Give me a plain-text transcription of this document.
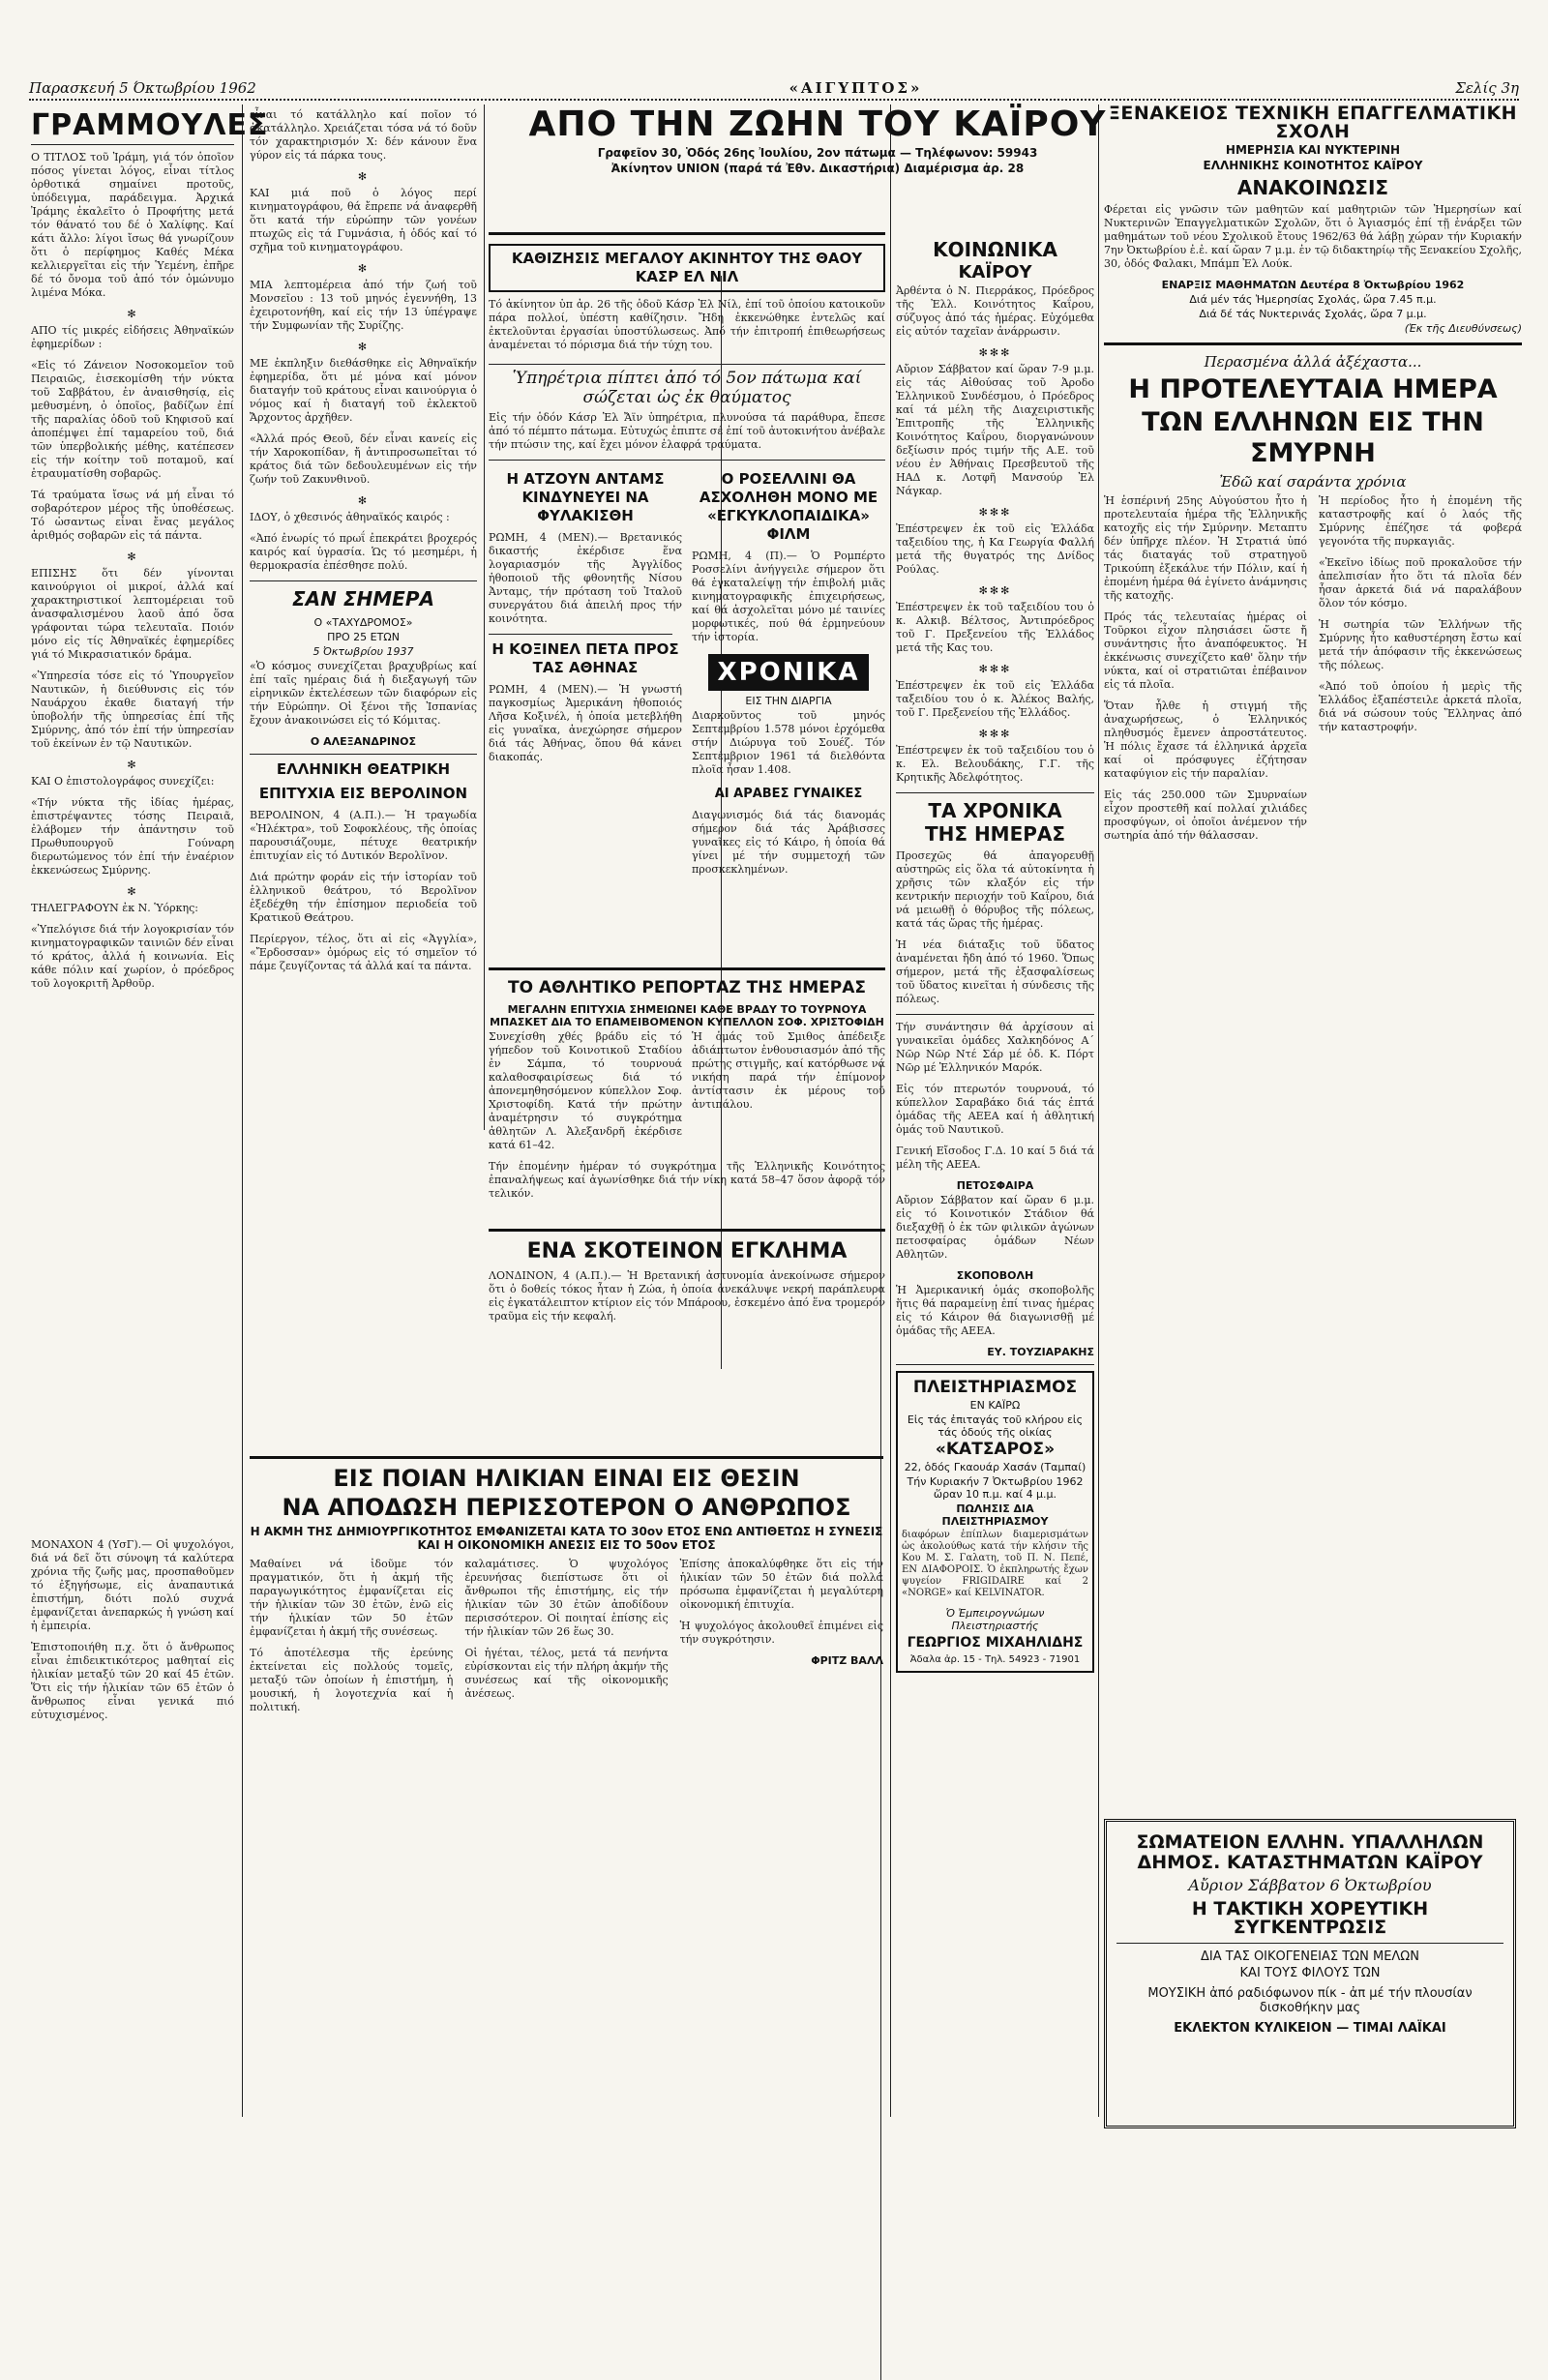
Παρασκευή 5 Όκτωβρίου 1962	«ΑΙΓΥΠΤΟΣ»	Σελίς 3η
ΓΡΑΜΜΟΥΛΕΣ

Ο ΤΙΤΛΟΣ τοῦ Ἰράμη, γιά τόν ὁποῖον πόσος γίνεται λόγος, εἶναι τίτλος ὁρθοτικά σημαίνει προτοῦς, ὑπόδειγμα, παράδειγμα. Ἀρχικά Ἰράμης ἐκαλεῖτο ὁ Προφήτης μετά τόν θάνατό του δέ ὁ Χαλίφης. Καί κάτι ἄλλο: λίγοι ἴσως θά γνωρίζουν ὅτι ὁ περίφημος Καθές Μέκα κελλιεργεῖται εἰς τήν Ὑεμένη, ἐπῆρε δέ τό ὄνομα τοῦ ἀπό τόν ὁμώνυμο λιμένα Μόκα.

✻

ΑΠΟ τίς μικρές εἰδήσεις Ἀθηναϊκών ἐφημερίδων :

«Εἰς τό Ζάνειον Νοσοκομεῖον τοῦ Πειραιῶς, ἐισεκομίσθη τήν νύκτα τοῦ Σαββάτου, ἐν ἀναισθησίᾳ, εἰς μεθυσμένη, ὁ ὁποῖος, βαδίζων ἐπί τῆς παραλίας ὁδοῦ τοῦ Κηφισοῦ καί ἀποπέμψει ἐπί ταμαρείου τοῦ, διά τῶν ὑπερβολικής μέθης, κατέπεσεν εἰς τήν κοίτην τοῦ ποταμοῦ, καί ἐτραυματίσθη σοβαρῶς.

Τά τραύματα ἴσως νά μή εἶναι τό σοβαρότερον μέρος τῆς ὑποθέσεως. Τό ὡσαντως εἶναι ἔνας μεγάλος ἀριθμός σοβαρῶν εἰς τά πάντα.

✻

ΕΠΙΣΗΣ ὅτι δέν γίνονται καινούργιοι οἱ μικροί, ἀλλά καί χαρακτηριστικοί λεπτομέρειαι τοῦ ἀνασφαλισμένου λαοῦ ἀπό ὅσα γράφονται τώρα τελευταῖα. Ποιόν μόνο εἰς τίς Ἀθηναϊκές ἐφημερίδες γιά τό Μικρασιατικόν δράμα.

«Ὑπηρεσία τόσε εἰς τό Ὑπουργεῖον Ναυτικῶν, ἡ διεύθυνσις εἰς τόν Ναυάρχου ἐκαθε διαταγή τήν ὑποβολήν τῆς ὑπηρεσίας ἐπί τῆς Σμύρνης, ἀπό τόν ἐπί τήν ὑπηρεσίαν τοῦ ἐκείνων ἐν τῷ Ναυτικῶν.

✻

ΚΑΙ Ο ἐπιστολογράφος συνεχίζει:

«Τήν νύκτα τῆς ἰδίας ἡμέρας, ἐπιστρέψαντες τόσης Πειραιᾶ, ἐλάβομεν τήν ἀπάντησιν τοῦ Πρωθυπουργοῦ Γούναρη διερωτώμενος τόν ἐπί τήν ἐναέριον ἐκκενώσεως Σμύρνης.

✻

ΤΗΛΕΓΡΑΦΟΥΝ ἐκ Ν. Ὑόρκης:

«Ὑπελόγισε διά τήν λογοκρισίαν τόν κινηματογραφικῶν ταινιῶν δέν εἶναι τό κράτος, ἀλλά ἡ κοινωνία. Εἰς κάθε πόλιν καί χωρίον, ὁ πρόεδρος τοῦ λογοκριτῆ Ἀρθοῦρ.

ΜΟΝΑΧΟΝ 4 (ΥσΓ).— Οἱ ψυχολόγοι, διά νά δεῖ ὅτι σύνοψη τά καλύτερα χρόνια τῆς ζωῆς μας, προσπαθοῦμεν τό ἐξηγήσωμε, εἰς ἀναπαυτικά ἐπιστήμη, διότι πολύ συχνά ἐμφανίζεται ἀνεπαρκώς ἡ γνώση καί ἡ ἐμπειρία.

Ἐπιστοποιήθη π.χ. ὅτι ὁ ἄνθρωπος εἶναι ἐπιδεικτικότερος μαθηταί εἰς ἡλικίαν μεταξύ τῶν 20 καί 45 ἐτῶν. Ὅτι εἰς τήν ἡλικίαν τῶν 65 ἐτῶν ὁ ἄνθρωπος εἶναι γενικά πιό εὐτυχισμένος.

εἶναι τό κατάλληλο καί ποῖον τό ἀκατάλληλο. Χρειάζεται τόσα νά τό δοῦν τόν χαρακτηρισμόν Χ: δέν κάνουν ἕνα γύρον εἰς τά πάρκα τους.

✻

ΚΑΙ μιά ποῦ ὁ λόγος περί κινηματογράφου, θά ἔπρεπε νά ἀναφερθῆ ὅτι κατά τήν εὐρώπην τῶν γονέων πτωχῶς εἰς τά Γυμνάσια, ἡ ὁδός καί τό σχῆμα τοῦ κινηματογράφου.

✻

ΜΙΑ λεπτομέρεια ἀπό τήν ζωή τοῦ Μονσεῖου : 13 τοῦ μηνός ἐγεννήθη, 13 ἐχειροτονήθη, καί εἰς τήν 13 ὑπέγραψε τήν Συμφωνίαν τῆς Συρίζης.

✻

ΜΕ ἐκπληξιν διεθάσθηκε εἰς Ἀθηναϊκήν ἐφημερίδα, ὅτι μέ μόνα καί μόνον διαταγήν τοῦ κράτους εἶναι καινούργια ὁ νόμος καί ἡ διαταγή τοῦ ἐκλεκτοῦ Ἄρχοντος ἀρχῆθεν.

«Ἀλλά πρός Θεοῦ, δέν εἶναι κανείς εἰς τήν Χαροκοπίδαν, ἤ ἀντιπροσωπεῖται τό κράτος διά τῶν δεδουλευμένων εἰς τήν ζωήν τοῦ Ζακυνθινοῦ.

✻

ΙΔΟΥ, ὁ χθεσινός ἀθηναϊκός καιρός :

«Ἀπό ἐνωρίς τό πρωΐ ἐπεκράτει βροχερός καιρός καί ὑγρασία. Ὡς τό μεσημέρι, ἡ θερμοκρασία ἐπέσθησε πολύ.

ΣΑΝ ΣΗΜΕΡΑ
Ο «ΤΑΧΥΔΡΟΜΟΣ»
ΠΡΟ 25 ΕΤΩΝ
5 Ὀκτωβρίου 1937

«Ὁ κόσμος συνεχίζεται βραχυβρίως καί ἐπί ταῖς ημέραις διά ἡ διεξαγωγή τῶν εἰρηνικῶν ἐκτελέσεων τῶν διαφόρων εἰς τήν Εὐρώπην. Οἱ ξένοι τῆς Ἰσπανίας ἔχουν ἀνακοινώσει εἰς τό Κόμιτας.

Ο ΑΛΕΞΑΝΔΡΙΝΟΣ
ΕΛΛΗΝΙΚΗ ΘΕΑΤΡΙΚΗ
ΕΠΙΤΥΧΙΑ ΕΙΣ ΒΕΡΟΛΙΝΟΝ

ΒΕΡΟΛΙΝΟΝ, 4 (Α.Π.).— Ἡ τραγωδία «Ἠλέκτρα», τοῦ Σοφοκλέους, τῆς ὁποίας παρουσιάζουμε, πέτυχε θεατρικήν ἐπιτυχίαν εἰς τό Δυτικόν Βερολῖνον.

Διά πρώτην φοράν εἰς τήν ἱστορίαν τοῦ ἑλληνικοῦ θεάτρου, τό Βερολῖνον ἐξεδέχθη τήν ἐπίσημον περιοδεία τοῦ Κρατικοῦ Θεάτρου.

Περίεργον, τέλος, ὅτι αἱ εἰς «Ἀγγλία», «Ἔρδοσσαν» ὁμόρως εἰς τό σημεῖον τό πάμε ζευγίζοντας τά ἀλλά καί τα πάντα.

ΑΠΟ ΤΗΝ ΖΩΗΝ ΤΟΥ ΚΑΪΡΟΥ
Γραφεῖον 30, Ὁδός 26ης Ἰουλίου, 2ον πάτωμα — Τηλέφωνον: 59943
Ἀκίνητον UNION (παρά τά Ἐθν. Δικαστήρια) Διαμέρισμα ἀρ. 28
ΚΑΘΙΖΗΣΙΣ ΜΕΓΑΛΟΥ ΑΚΙΝΗΤΟΥ ΤΗΣ ΘΑΟΥ ΚΑΣΡ ΕΛ ΝΙΛ

Τό ἀκίνητον ὑπ ἀρ. 26 τῆς ὁδοῦ Κάσρ Ἐλ Νίλ, ἐπί τοῦ ὁποίου κατοικοῦν πάρα πολλοί, ὑπέστη καθίζησιν. Ἤδη ἐκκενώθηκε ἐντελῶς καί ἐκτελοῦνται ἐργασίαι ὑποστύλωσεως. Ἀπό τήν ἐπιτροπή ἐπιθεωρήσεως ἀναμένεται τό πόρισμα διά τήν τύχη του.

Ὑπηρέτρια πίπτει ἀπό τό 5ον πάτωμα καί σώζεται ὡς ἐκ θαύματος

Εἰς τήν ὁδόν Κάσρ Ἐλ Ἄϊν ὑπηρέτρια, πλυνούσα τά παράθυρα, ἔπεσε ἀπό τό πέμπτο πάτωμα. Εὐτυχώς ἐπιπτε σέ ἐπί τοῦ ἀυτοκινήτου ἀνέβαλε τήν πτώσιν της, καί ἔχει μόνον ἐλαφρά τραύματα.

Η ΑΤΖΟΥΝ ΑΝΤΑΜΣ ΚΙΝΔΥΝΕΥΕΙ ΝΑ ΦΥΛΑΚΙΣΘΗ

ΡΩΜΗ, 4 (ΜΕΝ).— Βρετανικός δικαστής ἐκέρδισε ἕνα λογαριασμόν τῆς Ἀγγλίδος ἡθοποιοῦ τῆς φθονητῆς Νίσου Ἀνταμς, τήν πρόταση τοῦ Ἰταλοῦ συνεργάτου διά ἀπειλή προς τήν κοινότητα.

Η ΚΟΞΙΝΕΛ ΠΕΤΑ ΠΡΟΣ ΤΑΣ ΑΘΗΝΑΣ

ΡΩΜΗ, 4 (ΜΕΝ).— Ἡ γνωστή παγκοσμίως Ἀμερικάνη ἡθοποιός Λῆσα Κοξινέλ, ἡ ὁποία μετεβλήθη εἰς γυναῖκα, ἀνεχώρησε σήμερον διά τάς Ἀθήνας, ὅπου θά κάνει διακοπάς.

Ο ΡΟΣΕΛΛΙΝΙ ΘΑ ΑΣΧΟΛΗΘΗ ΜΟΝΟ ΜΕ «ΕΓΚΥΚΛΟΠΑΙΔΙΚΑ» ΦΙΛΜ

ΡΩΜΗ, 4 (Π).— Ὁ Ρομπέρτο Ροσσελίνι ἀνήγγειλε σήμερον ὅτι θά ἐγκαταλείψῃ τήν ἐπιβολή μιᾶς κινηματογραφικῆς ἐπιχειρήσεως, καί θά ἀσχολεῖται μόνο μέ ταινίες μορφωτικές, πού θά ἐρμηνεύουν τήν ἱστορία.

ΧΡΟΝΙΚΑ
ΕΙΣ ΤΗΝ ΔΙΑΡΓΙΑ

Διαρκοῦντος τοῦ μηνός Σεπτεμβρίου 1.578 μόνοι ἐρχόμεθα στήν Διώρυγα τοῦ Σουέζ. Τόν Σεπτέμβριον 1961 τά διελθόντα πλοῖα ἦσαν 1.408.

ΑΙ ΑΡΑΒΕΣ ΓΥΝΑΙΚΕΣ

Διαγωνισμός διά τάς διανομάς σήμερον διά τάς Ἀράβισσες γυναῖκες εἰς τό Κάιρο, ἡ ὁποία θά γίνει μέ τήν συμμετοχή τῶν προσκεκλημένων.

ΤΟ ΑΘΛΗΤΙΚΟ ΡΕΠΟΡΤΑΖ ΤΗΣ ΗΜΕΡΑΣ
ΜΕΓΑΛΗΝ ΕΠΙΤΥΧΙΑ ΣΗΜΕΙΩΝΕΙ ΚΑΘΕ ΒΡΑΔΥ ΤΟ ΤΟΥΡΝΟΥΑ ΜΠΑΣΚΕΤ ΔΙΑ ΤΟ ΕΠΑΜΕΙΒΟΜΕΝΟΝ ΚΥΠΕΛΛΟΝ ΣΟΦ. ΧΡΙΣΤΟΦΙΔΗ

Συνεχίσθη χθές βράδυ εἰς τό γήπεδον τοῦ Κοινοτικοῦ Σταδίου ἐν Σάμπα, τό τουρνουά καλαθοσφαιρίσεως διά τό ἀπονεμηθησόμενον κύπελλον Σοφ. Χριστοφίδη. Κατά τήν πρώτην ἀναμέτρησιν τό συγκρότημα ἀθλητῶν Λ. Ἀλεξανδρῆ ἐκέρδισε κατά 61–42.

Ἡ ὁμάς τοῦ Σμιθος ἀπέδειξε ἀδιάπτωτον ἐνθουσιασμόν ἀπό τῆς πρώτης στιγμῆς, καί κατόρθωσε νά νικήση παρά τήν ἐπίμονον ἀντίστασιν ἐκ μέρους τοῦ ἀντιπάλου.

Τήν ἐπομένην ἡμέραν τό συγκρότημα τῆς Ἑλληνικῆς Κοινότητος ἐπαναλήψεως καί ἀγωνίσθηκε διά τήν νίκη κατά 58–47 ὅσον ἀφορᾷ τόν τελικόν.

ΕΝΑ ΣΚΟΤΕΙΝΟΝ ΕΓΚΛΗΜΑ

ΛΟΝΔΙΝΟΝ, 4 (Α.Π.).— Ἡ Βρετανική ἀστυνομία ἀνεκοίνωσε σήμερον ὅτι ὁ δοθείς τόκος ἦταν ἡ Ζώα, ἡ ὁποία ἀνεκάλυψε νεκρή παράπλευρα εἰς ἐγκατάλειπτον κτίριον εἰς τόν Μπάροου, ἐσκεμένο ἀπό ἕνα τρομερόν τραῦμα εἰς τήν κεφαλή.

ΕΙΣ ΠΟΙΑΝ ΗΛΙΚΙΑΝ ΕΙΝΑΙ ΕΙΣ ΘΕΣΙΝ
ΝΑ ΑΠΟΔΩΣΗ ΠΕΡΙΣΣΟΤΕΡΟΝ Ο ΑΝΘΡΩΠΟΣ
Η ΑΚΜΗ ΤΗΣ ΔΗΜΙΟΥΡΓΙΚΟΤΗΤΟΣ ΕΜΦΑΝΙΖΕΤΑΙ ΚΑΤΑ ΤΟ 30ον ΕΤΟΣ ΕΝΩ ΑΝΤΙΘΕΤΩΣ Η ΣΥΝΕΣΙΣ ΚΑΙ Η ΟΙΚΟΝΟΜΙΚΗ ΑΝΕΣΙΣ ΕΙΣ ΤΟ 50ον ΕΤΟΣ

Μαθαίνει νά ἰδοῦμε τόν πραγματικόν, ὅτι ἡ ἀκμή τῆς παραγωγικότητος ἐμφανίζεται εἰς τήν ἡλικίαν τῶν 30 ἐτῶν, ἐνῶ εἰς τήν ἡλικίαν τῶν 50 ἐτῶν ἐμφανίζεται ἡ ἀκμή τῆς συνέσεως.

Τό ἀποτέλεσμα τῆς ἐρεύνης ἐκτείνεται εἰς πολλούς τομεῖς, μεταξύ τῶν ὁποίων ἡ ἐπιστήμη, ἡ μουσική, ἡ λογοτεχνία καί ἡ πολιτική.

καλαμάτισες. Ὁ ψυχολόγος ἐρευνήσας διεπίστωσε ὅτι οἱ ἄνθρωποι τῆς ἐπιστήμης, εἰς τήν ἡλικίαν τῶν 30 ἐτῶν ἀποδίδουν περισσότερον. Οἱ ποιηταί ἐπίσης εἰς τήν ἡλικίαν τῶν 26 ἕως 30.

Οἱ ἡγέται, τέλος, μετά τά πενήντα εὐρίσκονται εἰς τήν πλήρη ἀκμήν τῆς συνέσεως καί τῆς οἰκονομικῆς ἀνέσεως.

Ἐπίσης ἀποκαλύφθηκε ὅτι εἰς τήν ἡλικίαν τῶν 50 ἐτῶν διά πολλά πρόσωπα ἐμφανίζεται ἡ μεγαλύτερη οἰκονομική ἐπιτυχία.

Ἡ ψυχολόγος ἀκολουθεῖ ἐπιμένει εἰς τήν συγκρότησιν.

ΦΡΙΤΖ ΒΑΛΛ
ΚΟΙΝΩΝΙΚΑ
ΚΑΪΡΟΥ

Ἀρθέντα ὁ Ν. Πιερράκος, Πρόεδρος τῆς Ἐλλ. Κοινότητος Καΐρου, σύζυγος ἀπό τάς ἡμέρας. Εὐχόμεθα εἰς αὐτόν ταχεῖαν ἀνάρρωσιν.

✻✻✻

Αὔριον Σάββατον καί ὥραν 7-9 μ.μ. εἰς τάς Αἰθούσας τοῦ Ἀροδο Ἑλληνικοῦ Συνδέσμου, ὁ Πρόεδρος καί τά μέλη τῆς Διαχειριστικῆς Ἐπιτροπῆς τῆς Ἑλληνικῆς Κοινότητος Καΐρου, διοργανώνουν δεξίωσιν πρός τιμήν τῆς Α.Ε. τοῦ νέου ἐν Ἀθήναις Πρεσβευτοῦ τῆς ΗΑΔ κ. Λοτφῆ Μανσούρ Ἐλ Νάγκαρ.

✻✻✻

Ἐπέστρεψεν ἐκ τοῦ εἰς Ἑλλάδα ταξειδίου της, ἡ Κα Γεωργία Φαλλή μετά τῆς θυγατρός της Δνίδος Ρούλας.

✻✻✻

Ἐπέστρεψεν ἐκ τοῦ ταξειδίου του ὁ κ. Αλκιβ. Βέλτσος, Ἀντιπρόεδρος τοῦ Γ. Πρεξενείου τῆς Ἑλλάδος μετά τῆς Κας του.

✻✻✻

Ἐπέστρεψεν ἐκ τοῦ εἰς Ἑλλάδα ταξειδίου του ὁ κ. Ἀλέκος Βαλής, τοῦ Γ. Πρεξενείου τῆς Ἑλλάδος.

✻✻✻

Ἐπέστρεψεν ἐκ τοῦ ταξειδίου του ὁ κ. Ελ. Βελουδάκης, Γ.Γ. τῆς Κρητικῆς Ἀδελφότητος.

ΤΑ ΧΡΟΝΙΚΑ
ΤΗΣ ΗΜΕΡΑΣ

Προσεχῶς θά ἀπαγορευθῇ αὐστηρῶς εἰς ὅλα τά αὐτοκίνητα ἡ χρῆσις τῶν κλαξόν εἰς τήν κεντρικήν περιοχήν τοῦ Καΐρου, διά νά μειωθῇ ὁ θόρυβος τῆς πόλεως, κατά τάς ὥρας τῆς ἡμέρας.

Ἡ νέα διάταξις τοῦ ὕδατος ἀναμένεται ἤδη ἀπό τό 1960. Ὅπως σήμερον, μετά τῆς ἐξασφαλίσεως τοῦ ὕδατος κινεῖται ἡ σύνδεσις τῆς πόλεως.

Τήν συνάντησιν θά ἀρχίσουν αἱ γυναικεῖαι ὁμάδες Χαλκηδόνος Α΄ Νῶρ Νῶρ Ντέ Σάρ μέ ὁδ. Κ. Πόρτ Νῶρ μέ Ἑλληνικόν Μαρόκ.

Εἰς τόν πτερωτόν τουρνουά, τό κύπελλον Σαραβάκο διά τάς ἑπτά ὁμάδας τῆς ΑΕΕΑ καί ἡ ἀθλητική ὁμάς τοῦ Ναυτικοῦ.

Γενική Εἴσοδος Γ.Δ. 10 καί 5 διά τά μέλη τῆς ΑΕΕΑ.

ΠΕΤΟΣΦΑΙΡΑ

Αὔριον Σάββατον καί ὥραν 6 μ.μ. εἰς τό Κοινοτικόν Στάδιον θά διεξαχθῇ ὁ ἐκ τῶν φιλικῶν ἀγώνων πετοσφαίρας ὁμάδων Νέων Αθλητῶν.

ΣΚΟΠΟΒΟΛΗ

Ἡ Ἀμερικανική ὁμάς σκοποβολῆς ἥτις θά παραμείνῃ ἐπί τινας ἡμέρας εἰς τό Κάιρον θά διαγωνισθῇ μέ ὁμάδας τῆς ΑΕΕΑ.

ΕΥ. ΤΟΥΖΙΑΡΑΚΗΣ
ΠΛΕΙΣΤΗΡΙΑΣΜΟΣ
ΕΝ ΚΑΪΡΩ
Εἰς τάς ἐπιταγάς τοῦ κλήρου εἰς τάς ὁδούς τῆς οἰκίας
«ΚΑΤΣΑΡΟΣ»
22, ὁδός Γκαουάρ Χασάν (Ταμπαί)
Τήν Κυριακήν 7 Ὀκτωβρίου 1962 ὥραν 10 π.μ. καί 4 μ.μ.
ΠΩΛΗΣΙΣ ΔΙΑ ΠΛΕΙΣΤΗΡΙΑΣΜΟΥ

διαφόρων ἐπίπλων διαμερισμάτων ὡς ἀκολούθως κατά τήν κλήσιν τῆς Κου Μ. Σ. Γαλατη, τοῦ Π. Ν. Πεπέ, ΕΝ ΔΙΑΦΟΡΟΙΣ. Ὁ ἐκπληρωτής ἔχων ψυγείον FRIGIDAIRE καί 2 «NORGE» καί KELVINATOR.

Ὁ Ἐμπειρογνώμων Πλειστηριαστής
ΓΕΩΡΓΙΟΣ ΜΙΧΑΗΛΙΔΗΣ
Ἀδαλα ἀρ. 15 - Τηλ. 54923 - 71901
ΞΕΝΑΚΕΙΟΣ ΤΕΧΝΙΚΗ ΕΠΑΓΓΕΛΜΑΤΙΚΗ ΣΧΟΛΗ
ΗΜΕΡΗΣΙΑ ΚΑΙ ΝΥΚΤΕΡΙΝΗ
ΕΛΛΗΝΙΚΗΣ ΚΟΙΝΟΤΗΤΟΣ ΚΑΪΡΟΥ
ΑΝΑΚΟΙΝΩΣΙΣ

Φέρεται εἰς γνῶσιν τῶν μαθητῶν καί μαθητριῶν τῶν Ἡμερησίων καί Νυκτερινῶν Ἐπαγγελματικῶν Σχολῶν, ὅτι ὁ Ἁγιασμός ἐπί τῇ ἐνάρξει τῶν μαθημάτων τοῦ νέου Σχολικοῦ ἔτους 1962/63 θά λάβῃ χώραν τήν Κυριακήν 7ην Ὀκτωβρίου ἐ.ἐ. καί ὥραν 7 μ.μ. ἐν τῷ διδακτηρίῳ τῆς Ξενακείου Σχολῆς, 30, ὁδός Φαλακι, Μπάμπ Ἐλ Λούκ.

ΕΝΑΡΞΙΣ ΜΑΘΗΜΑΤΩΝ Δευτέρα 8 Ὀκτωβρίου 1962
Διά μέν τάς Ἡμερησίας Σχολάς, ὥρα 7.45 π.μ.
Διά δέ τάς Νυκτερινάς Σχολάς, ὥρα 7 μ.μ.
(Ἐκ τῆς Διευθύνσεως)
Περασμένα ἀλλά ἀξέχαστα...
Η ΠΡΟΤΕΛΕΥΤΑΙΑ ΗΜΕΡΑ
ΤΩΝ ΕΛΛΗΝΩΝ ΕΙΣ ΤΗΝ ΣΜΥΡΝΗ
Ἐδῶ καί σαράντα χρόνια

Ἡ ἑσπέρινή 25ης Αὐγούστου ἦτο ἡ προτελευταία ἡμέρα τῆς Ἑλληνικῆς κατοχῆς εἰς τήν Σμύρνην. Μεταπτυ δέν ὑπῆρχε πλέον. Ἡ Στρατιά ὑπό τάς διαταγάς τοῦ στρατηγοῦ Τρικούπη ἐξεκάλυε τήν Πόλιν, καί ἡ ἐπομένη ἡμέρα θά ἐγίνετο ἀνάμνησις τῆς κατοχῆς.

Πρός τάς τελευταίας ἡμέρας οἱ Τοῦρκοι εἶχον πλησιάσει ὥστε ἤ συνάντησις ἦτο ἀναπόφευκτος. Ἡ ἐκκένωσις συνεχίζετο καθ' ὅλην τήν νύκτα, καί οἱ στρατιῶται ἐπέβαινον εἰς τά πλοῖα.

Ὅταν ἦλθε ἡ στιγμή τῆς ἀναχωρήσεως, ὁ Ἑλληνικός πληθυσμός ἔμενεν ἀπροστάτευτος. Ἡ πόλις ἔχασε τά ἑλληνικά ἀρχεῖα καί οἱ πρόσφυγες ἐζήτησαν καταφύγιον εἰς τήν παραλίαν.

Εἰς τάς 250.000 τῶν Σμυρναίων εἶχον προστεθῆ καί πολλαί χιλιάδες προσφύγων, οἱ ὁποῖοι ἀνέμενον τήν σωτηρία ἀπό τήν θάλασσαν.

Ἡ περίοδος ἦτο ἡ ἐπομένη τῆς καταστροφῆς καί ὁ λαός τῆς Σμύρνης ἐπέζησε τά φοβερά γεγονότα τῆς πυρκαγιᾶς.

«Ἐκεῖνο ἰδίως ποῦ προκαλοῦσε τήν ἀπελπισίαν ἦτο ὅτι τά πλοῖα δέν ἦσαν ἀρκετά διά νά παραλάβουν ὅλον τόν κόσμο.

Ἡ σωτηρία τῶν Ἑλλήνων τῆς Σμύρνης ἦτο καθυστέρηση ἔστω καί μετά τήν ἀπόφασιν τῆς ἐκκενώσεως τῆς πόλεως.

«Ἀπό τοῦ ὁποίου ἡ μερὶς τῆς Ἑλλάδος ἐξαπέστειλε ἀρκετά πλοῖα, διά νά σώσουν τούς Ἕλληνας ἀπό τήν καταστροφήν.

ΣΩΜΑΤΕΙΟΝ ΕΛΛΗΝ. ΥΠΑΛΛΗΛΩΝ
ΔΗΜΟΣ. ΚΑΤΑΣΤΗΜΑΤΩΝ ΚΑΪΡΟΥ
Αὔριον Σάββατον 6 Ὀκτωβρίου
Η ΤΑΚΤΙΚΗ ΧΟΡΕΥΤΙΚΗ ΣΥΓΚΕΝΤΡΩΣΙΣ
ΔΙΑ ΤΑΣ ΟΙΚΟΓΕΝΕΙΑΣ ΤΩΝ ΜΕΛΩΝ
ΚΑΙ ΤΟΥΣ ΦΙΛΟΥΣ ΤΩΝ
ΜΟΥΣΙΚΗ ἀπό ραδιόφωνον πίκ - ἀπ μέ τήν πλουσίαν δισκοθήκην μας
ΕΚΛΕΚΤΟΝ ΚΥΛΙΚΕΙΟΝ — ΤΙΜΑΙ ΛΑΪΚΑΙ
